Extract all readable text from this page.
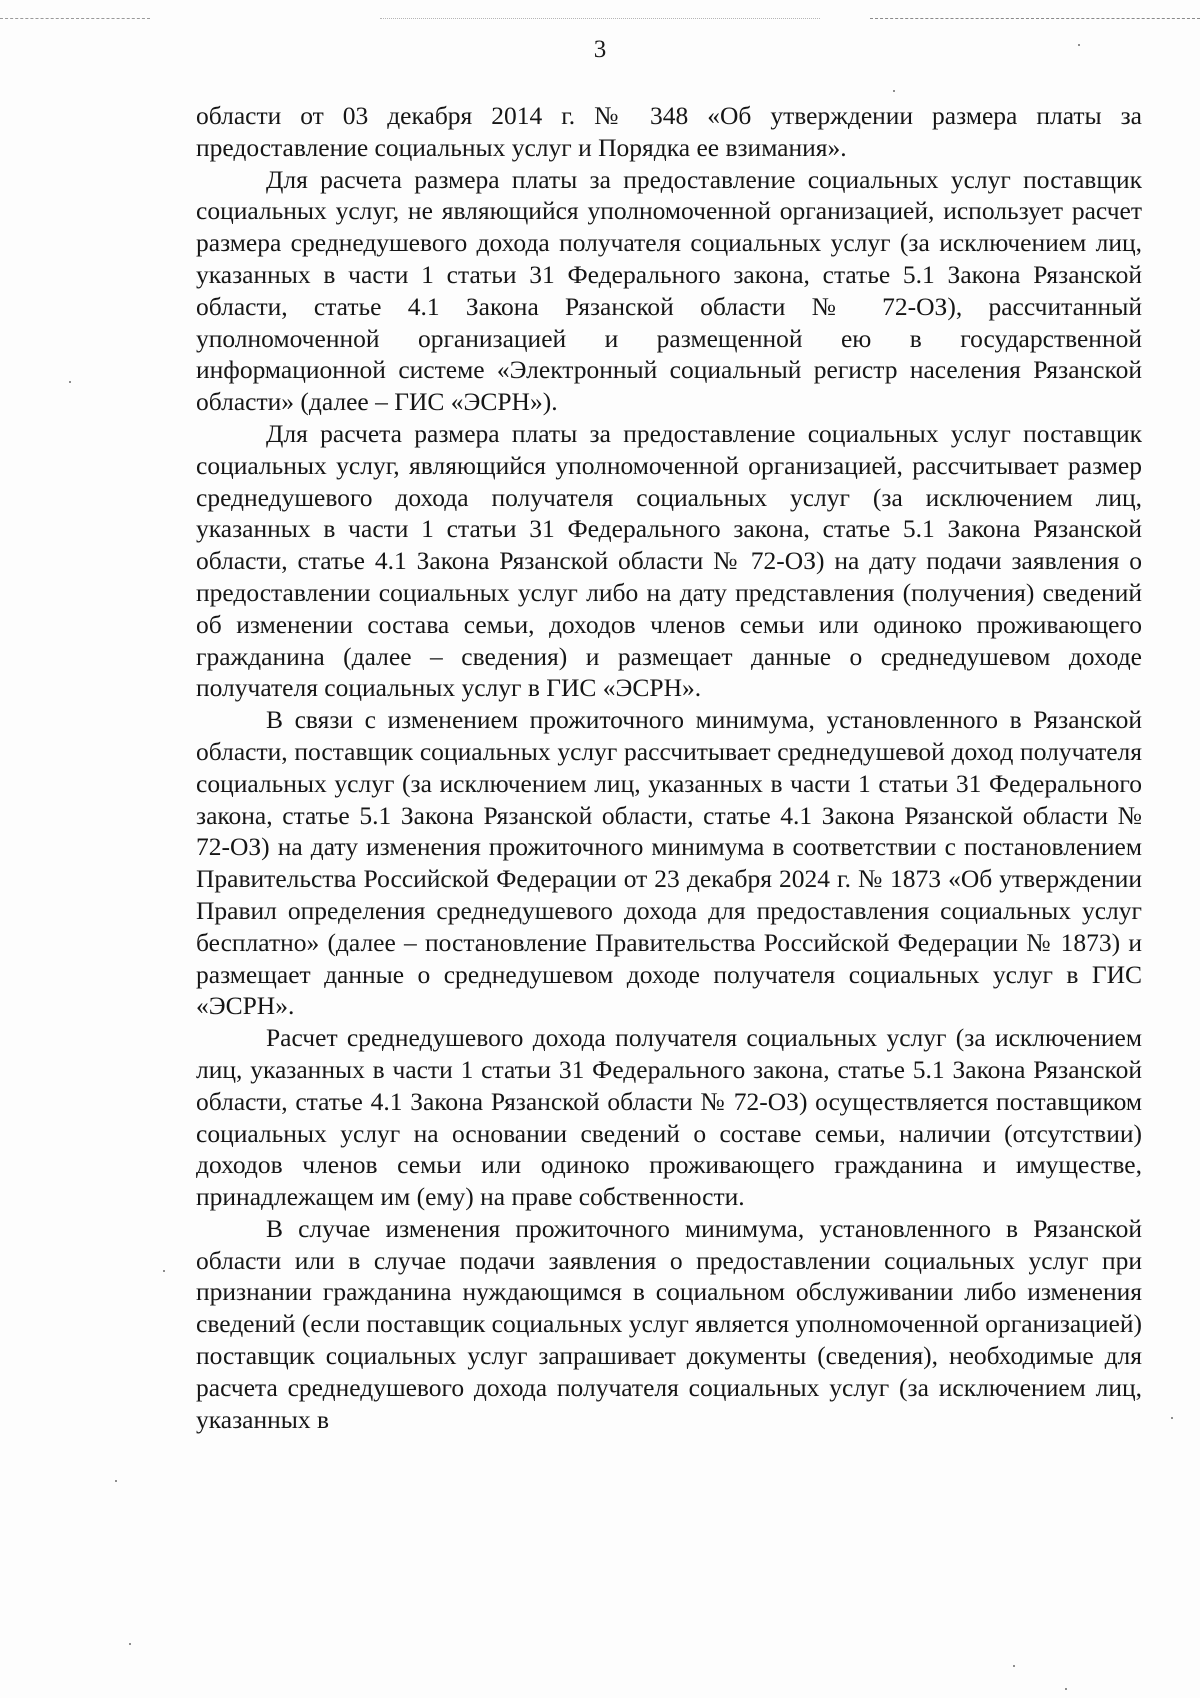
3

области от 03 декабря 2014 г. № 348 «Об утверждении размера платы за предоставление социальных услуг и Порядка ее взимания».

Для расчета размера платы за предоставление социальных услуг поставщик социальных услуг, не являющийся уполномоченной организацией, использует расчет размера среднедушевого дохода получателя социальных услуг (за исключением лиц, указанных в части 1 статьи 31 Федерального закона, статье 5.1 Закона Рязанской области, статье 4.1 Закона Рязанской области № 72-ОЗ), рассчитанный уполномоченной организацией и размещенной ею в государственной информационной системе «Электронный социальный регистр населения Рязанской области» (далее – ГИС «ЭСРН»).

Для расчета размера платы за предоставление социальных услуг поставщик социальных услуг, являющийся уполномоченной организацией, рассчитывает размер среднедушевого дохода получателя социальных услуг (за исключением лиц, указанных в части 1 статьи 31 Федерального закона, статье 5.1 Закона Рязанской области, статье 4.1 Закона Рязанской области № 72-ОЗ) на дату подачи заявления о предоставлении социальных услуг либо на дату представления (получения) сведений об изменении состава семьи, доходов членов семьи или одиноко проживающего гражданина (далее – сведения) и размещает данные о среднедушевом доходе получателя социальных услуг в ГИС «ЭСРН».

В связи с изменением прожиточного минимума, установленного в Рязанской области, поставщик социальных услуг рассчитывает среднедушевой доход получателя социальных услуг (за исключением лиц, указанных в части 1 статьи 31 Федерального закона, статье 5.1 Закона Рязанской области, статье 4.1 Закона Рязанской области № 72-ОЗ) на дату изменения прожиточного минимума в соответствии с постановлением Правительства Российской Федерации от 23 декабря 2024 г. № 1873 «Об утверждении Правил определения среднедушевого дохода для предоставления социальных услуг бесплатно» (далее – постановление Правительства Российской Федерации № 1873) и размещает данные о среднедушевом доходе получателя социальных услуг в ГИС «ЭСРН».

Расчет среднедушевого дохода получателя социальных услуг (за исключением лиц, указанных в части 1 статьи 31 Федерального закона, статье 5.1 Закона Рязанской области, статье 4.1 Закона Рязанской области № 72-ОЗ) осуществляется поставщиком социальных услуг на основании сведений о составе семьи, наличии (отсутствии) доходов членов семьи или одиноко проживающего гражданина и имуществе, принадлежащем им (ему) на праве собственности.

В случае изменения прожиточного минимума, установленного в Рязанской области или в случае подачи заявления о предоставлении социальных услуг при признании гражданина нуждающимся в социальном обслуживании либо изменения сведений (если поставщик социальных услуг является уполномоченной организацией) поставщик социальных услуг запрашивает документы (сведения), необходимые для расчета среднедушевого дохода получателя социальных услуг (за исключением лиц, указанных в
